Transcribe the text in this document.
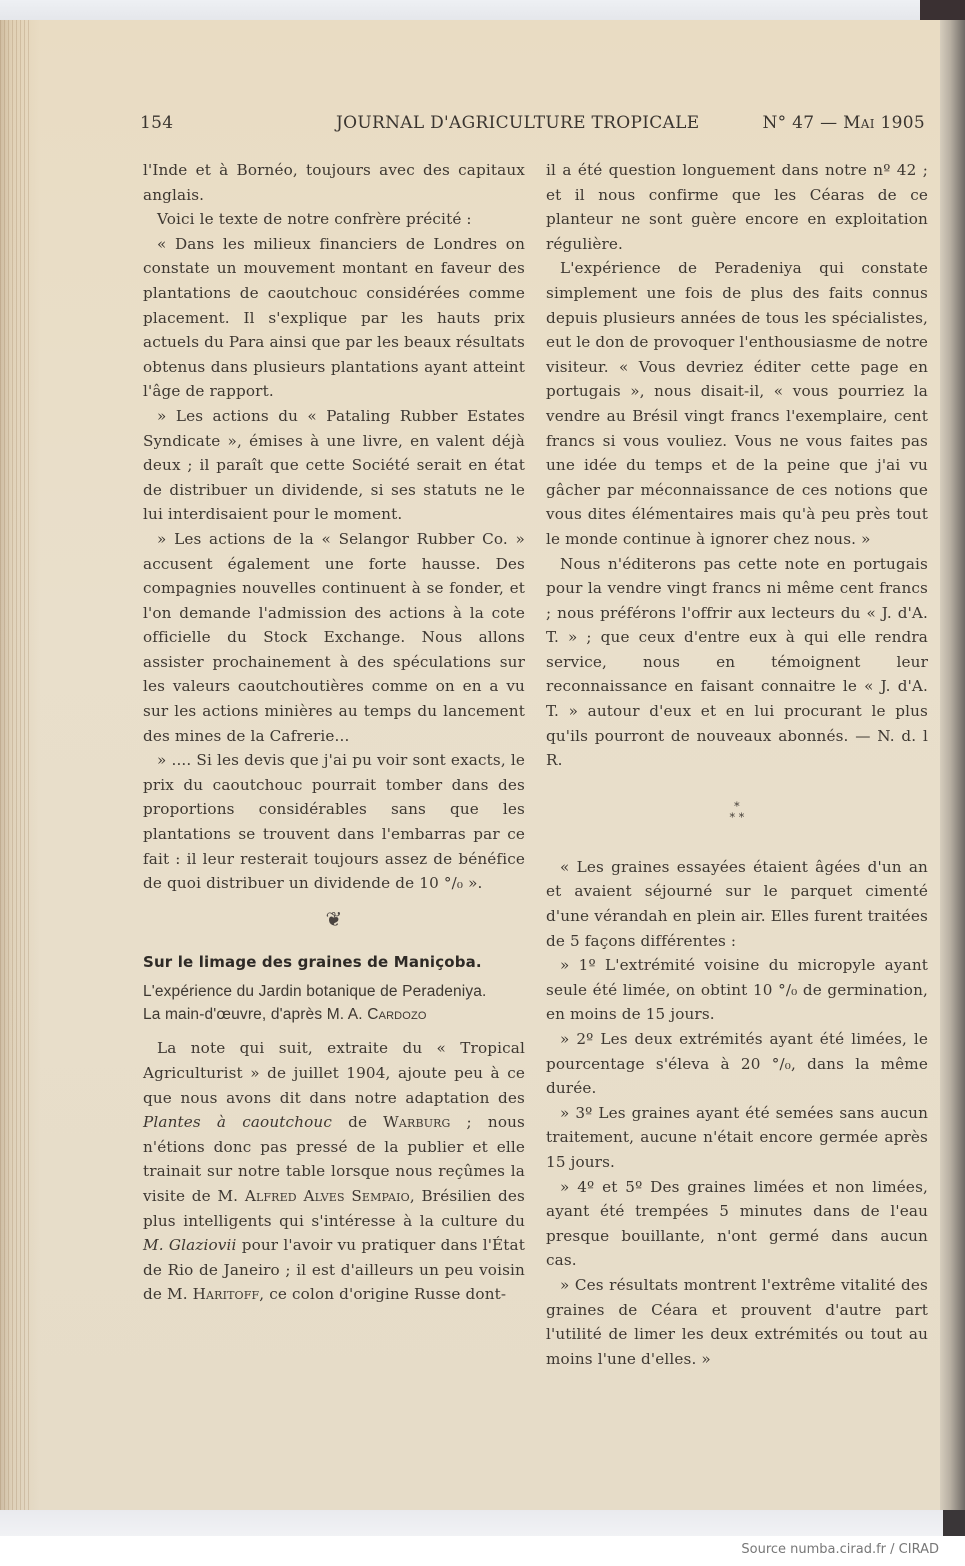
154	JOURNAL D'AGRICULTURE TROPICALE	N° 47 — Mai 1905

l'Inde et à Bornéo, toujours avec des capitaux anglais.

Voici le texte de notre confrère précité :

« Dans les milieux financiers de Londres on constate un mouvement montant en faveur des plantations de caoutchouc considérées comme placement. Il s'explique par les hauts prix actuels du Para ainsi que par les beaux résultats obtenus dans plusieurs plantations ayant atteint l'âge de rapport.

» Les actions du « Pataling Rubber Estates Syndicate », émises à une livre, en valent déjà deux ; il paraît que cette Société serait en état de distribuer un dividende, si ses statuts ne le lui interdisaient pour le moment.

» Les actions de la « Selangor Rubber Co. » accusent également une forte hausse. Des compagnies nouvelles continuent à se fonder, et l'on demande l'admission des actions à la cote officielle du Stock Exchange. Nous allons assister prochainement à des spéculations sur les valeurs caoutchoutières comme on en a vu sur les actions minières au temps du lancement des mines de la Cafrerie...

» .... Si les devis que j'ai pu voir sont exacts, le prix du caoutchouc pourrait tomber dans des proportions considérables sans que les plantations se trouvent dans l'embarras par ce fait : il leur resterait toujours assez de bénéfice de quoi distribuer un dividende de 10 °/₀ ».

❦
Sur le limage des graines de Maniçoba.
L'expérience du Jardin botanique de Peradeniya.
La main-d'œuvre, d'après M. A. Cardozo

La note qui suit, extraite du « Tropical Agriculturist » de juillet 1904, ajoute peu à ce que nous avons dit dans notre adaptation des Plantes à caoutchouc de Warburg ; nous n'étions donc pas pressé de la publier et elle trainait sur notre table lorsque nous reçûmes la visite de M. Alfred Alves Sempaio, Brésilien des plus intelligents qui s'intéresse à la culture du M. Glaziovii pour l'avoir vu pratiquer dans l'État de Rio de Janeiro ; il est d'ailleurs un peu voisin de M. Haritoff, ce colon d'origine Russe dont-

il a été question longuement dans notre nº 42 ; et il nous confirme que les Céaras de ce planteur ne sont guère encore en exploitation régulière.

L'expérience de Peradeniya qui constate simplement une fois de plus des faits connus depuis plusieurs années de tous les spécialistes, eut le don de provoquer l'enthousiasme de notre visiteur. « Vous devriez éditer cette page en portugais », nous disait-il, « vous pourriez la vendre au Brésil vingt francs l'exemplaire, cent francs si vous vouliez. Vous ne vous faites pas une idée du temps et de la peine que j'ai vu gâcher par méconnaissance de ces notions que vous dites élémentaires mais qu'à peu près tout le monde continue à ignorer chez nous. »

Nous n'éditerons pas cette note en portugais pour la vendre vingt francs ni même cent francs ; nous préférons l'offrir aux lecteurs du « J. d'A. T. » ; que ceux d'entre eux à qui elle rendra service, nous en témoignent leur reconnaissance en faisant connaitre le « J. d'A. T. » autour d'eux et en lui procurant le plus qu'ils pourront de nouveaux abonnés. — N. d. l R.

*
* *

« Les graines essayées étaient âgées d'un an et avaient séjourné sur le parquet cimenté d'une vérandah en plein air. Elles furent traitées de 5 façons différentes :

» 1º L'extrémité voisine du micropyle ayant seule été limée, on obtint 10 °/₀ de germination, en moins de 15 jours.

» 2º Les deux extrémités ayant été limées, le pourcentage s'éleva à 20 °/₀, dans la même durée.

» 3º Les graines ayant été semées sans aucun traitement, aucune n'était encore germée après 15 jours.

» 4º et 5º Des graines limées et non limées, ayant été trempées 5 minutes dans de l'eau presque bouillante, n'ont germé dans aucun cas.

» Ces résultats montrent l'extrême vitalité des graines de Céara et prouvent d'autre part l'utilité de limer les deux extrémités ou tout au moins l'une d'elles. »

Source numba.cirad.fr / CIRAD
